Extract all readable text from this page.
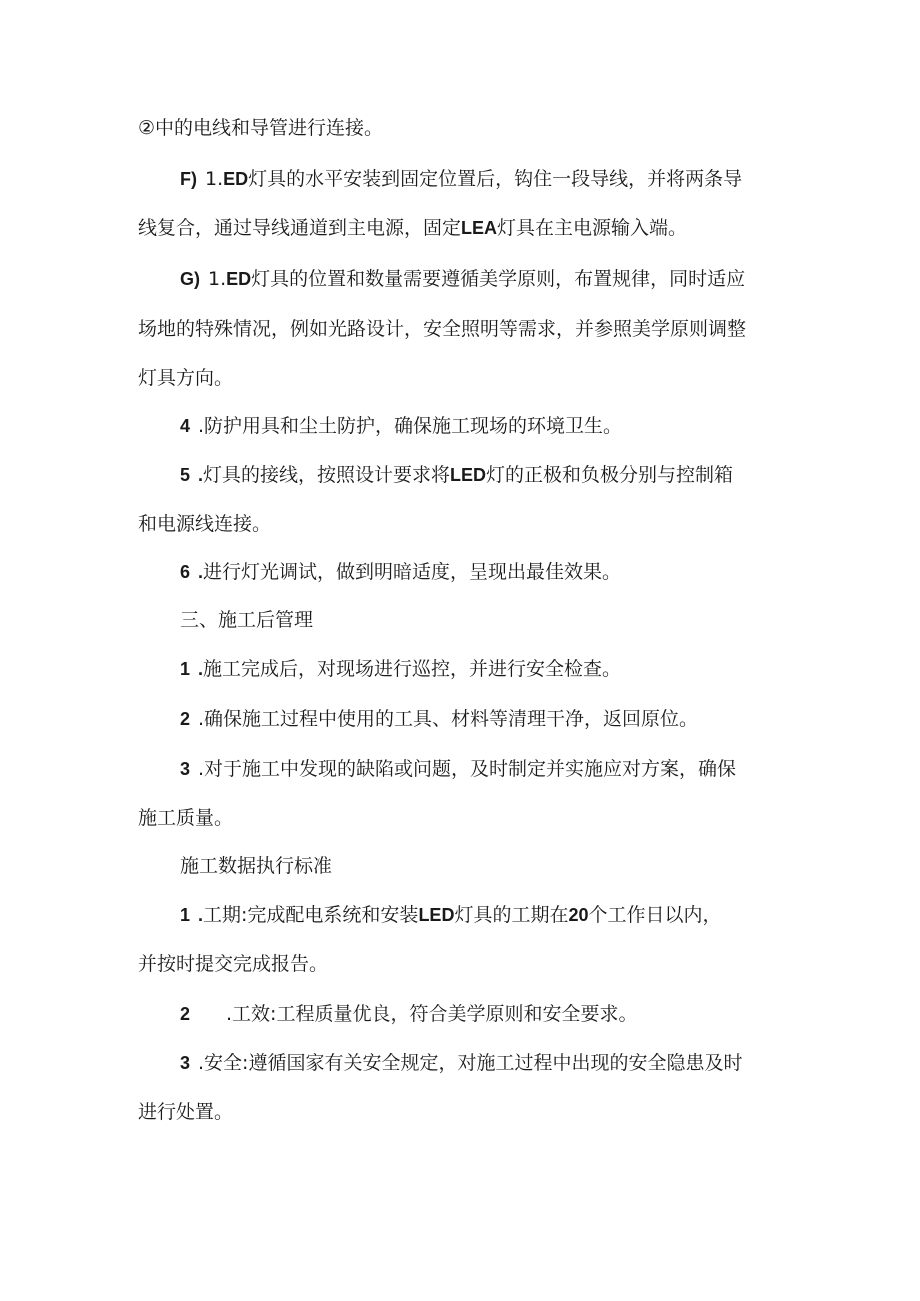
②中的电线和导管进行连接。

F) 1.ED灯具的水平安装到固定位置后，钩住一段导线，并将两条导

线复合，通过导线通道到主电源，固定LEA灯具在主电源输入端。

G) 1.ED灯具的位置和数量需要遵循美学原则，布置规律，同时适应

场地的特殊情况，例如光路设计，安全照明等需求，并参照美学原则调整

灯具方向。

4 .防护用具和尘土防护，确保施工现场的环境卫生。

5 .灯具的接线，按照设计要求将LED灯的正极和负极分别与控制箱

和电源线连接。

6 .进行灯光调试，做到明暗适度，呈现出最佳效果。

三、施工后管理

1 .施工完成后，对现场进行巡控，并进行安全检查。

2 .确保施工过程中使用的工具、材料等清理干净，返回原位。

3 .对于施工中发现的缺陷或问题，及时制定并实施应对方案，确保

施工质量。

施工数据执行标准

1 .工期:完成配电系统和安装LED灯具的工期在20个工作日以内，

并按时提交完成报告。

2 .工效:工程质量优良，符合美学原则和安全要求。

3 .安全:遵循国家有关安全规定，对施工过程中出现的安全隐患及时

进行处置。
